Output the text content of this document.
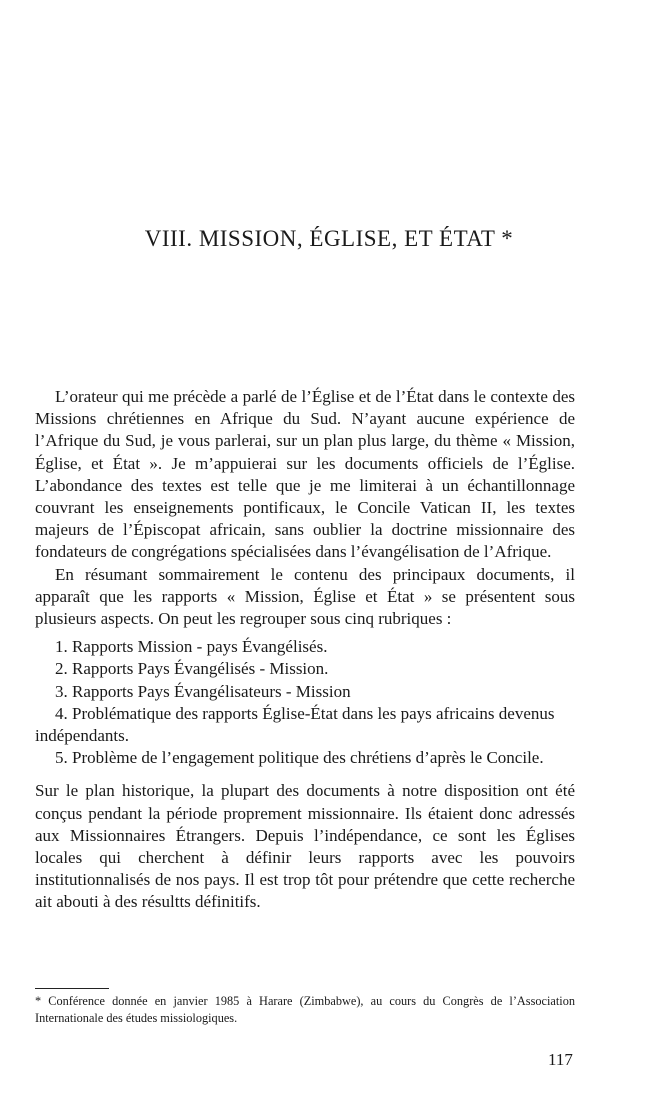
VIII. MISSION, ÉGLISE, ET ÉTAT *

L’orateur qui me précède a parlé de l’Église et de l’État dans le contexte des Missions chrétiennes en Afrique du Sud. N’ayant aucune expérience de l’Afrique du Sud, je vous parlerai, sur un plan plus large, du thème « Mission, Église, et État ». Je m’appuierai sur les documents officiels de l’Église. L’abondance des textes est telle que je me limiterai à un échantillonnage couvrant les enseignements pontificaux, le Concile Vatican II, les textes majeurs de l’Épiscopat africain, sans oublier la doctrine missionnaire des fondateurs de congrégations spécialisées dans l’évangélisation de l’Afrique.

En résumant sommairement le contenu des principaux documents, il apparaît que les rapports « Mission, Église et État » se présentent sous plusieurs aspects. On peut les regrouper sous cinq rubriques :

1. Rapports Mission - pays Évangélisés.
2. Rapports Pays Évangélisés - Mission.
3. Rapports Pays Évangélisateurs - Mission
4. Problématique des rapports Église-État dans les pays africains devenus indépendants.
5. Problème de l’engagement politique des chrétiens d’après le Concile.

Sur le plan historique, la plupart des documents à notre disposition ont été conçus pendant la période proprement missionnaire. Ils étaient donc adressés aux Missionnaires Étrangers. Depuis l’indépendance, ce sont les Églises locales qui cherchent à définir leurs rapports avec les pouvoirs institutionnalisés de nos pays. Il est trop tôt pour prétendre que cette recherche ait abouti à des résultts définitifs.

* Conférence donnée en janvier 1985 à Harare (Zimbabwe), au cours du Congrès de l’Association Internationale des études missiologiques.

117
